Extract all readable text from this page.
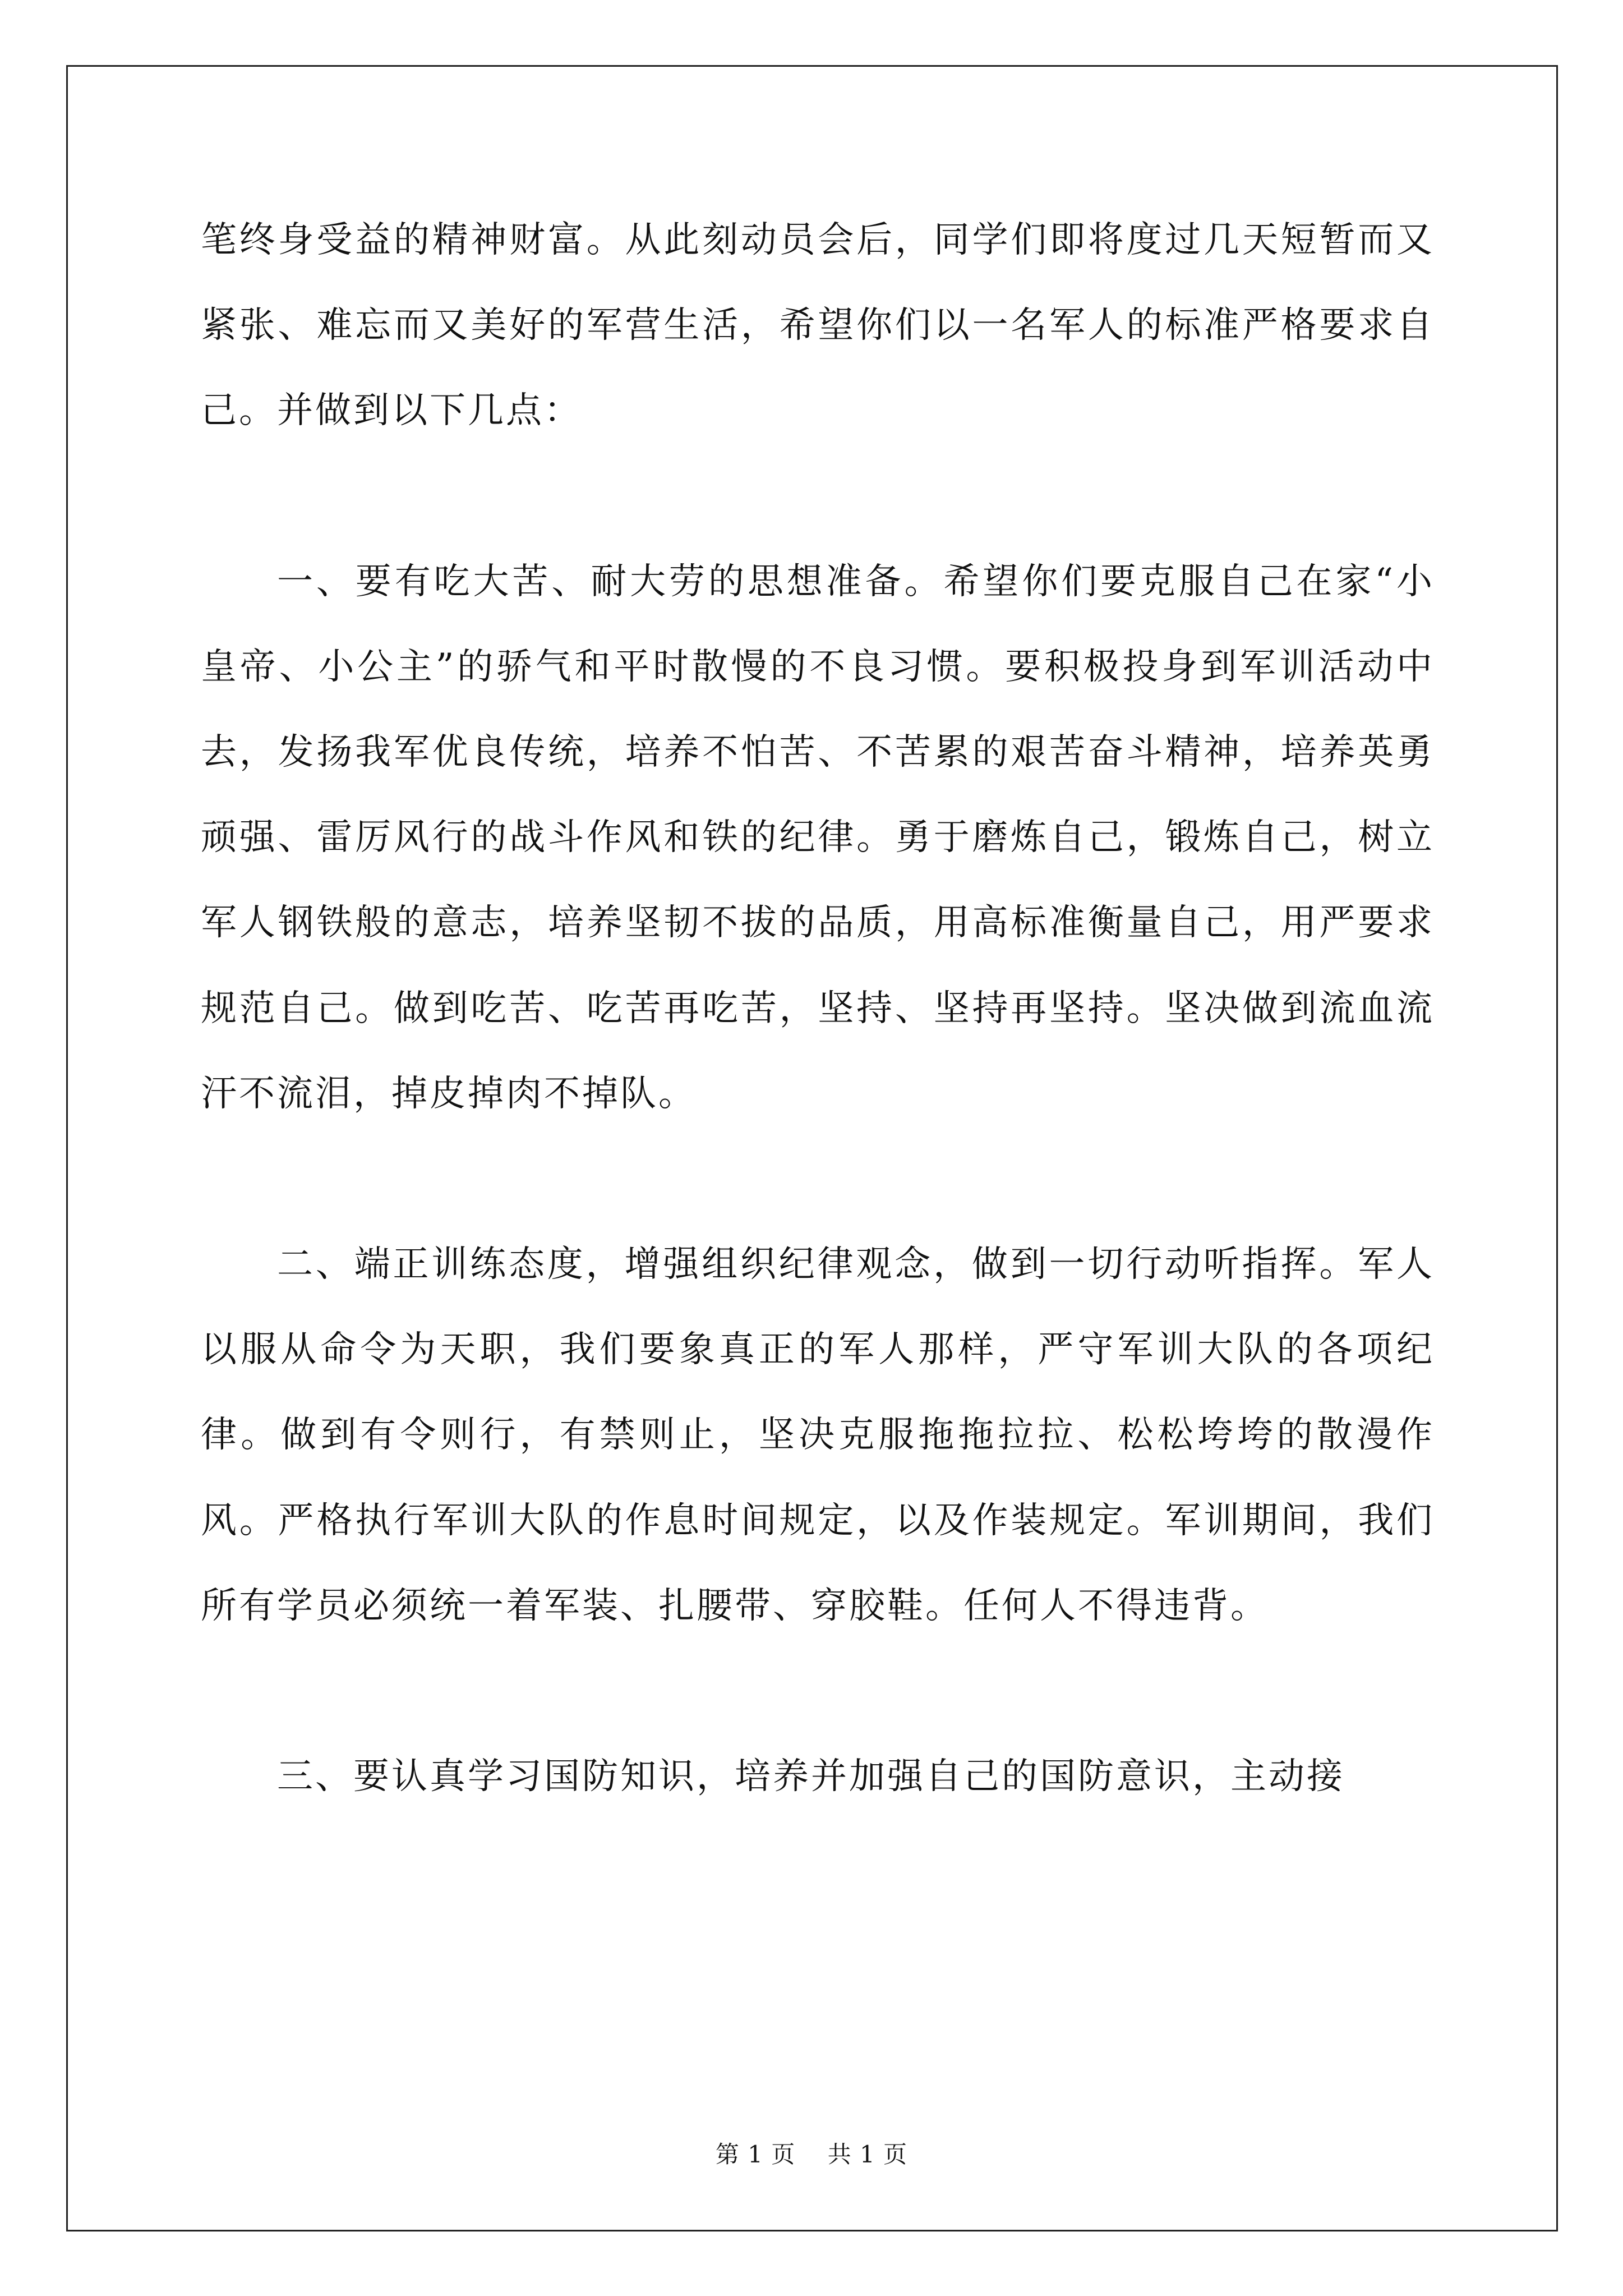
笔终身受益的精神财富。从此刻动员会后，同学们即将度过几天短暂而又紧张、难忘而又美好的军营生活，希望你们以一名军人的标准严格要求自己。并做到以下几点：

一、要有吃大苦、耐大劳的思想准备。希望你们要克服自己在家“小皇帝、小公主”的骄气和平时散慢的不良习惯。要积极投身到军训活动中去，发扬我军优良传统，培养不怕苦、不苦累的艰苦奋斗精神，培养英勇顽强、雷厉风行的战斗作风和铁的纪律。勇于磨炼自己，锻炼自己，树立军人钢铁般的意志，培养坚韧不拔的品质，用高标准衡量自己，用严要求规范自己。做到吃苦、吃苦再吃苦，坚持、坚持再坚持。坚决做到流血流汗不流泪，掉皮掉肉不掉队。

二、端正训练态度，增强组织纪律观念，做到一切行动听指挥。军人以服从命令为天职，我们要象真正的军人那样，严守军训大队的各项纪律。做到有令则行，有禁则止，坚决克服拖拖拉拉、松松垮垮的散漫作风。严格执行军训大队的作息时间规定，以及作装规定。军训期间，我们所有学员必须统一着军装、扎腰带、穿胶鞋。任何人不得违背。

三、要认真学习国防知识，培养并加强自己的国防意识，主动接

第 1 页    共 1 页
